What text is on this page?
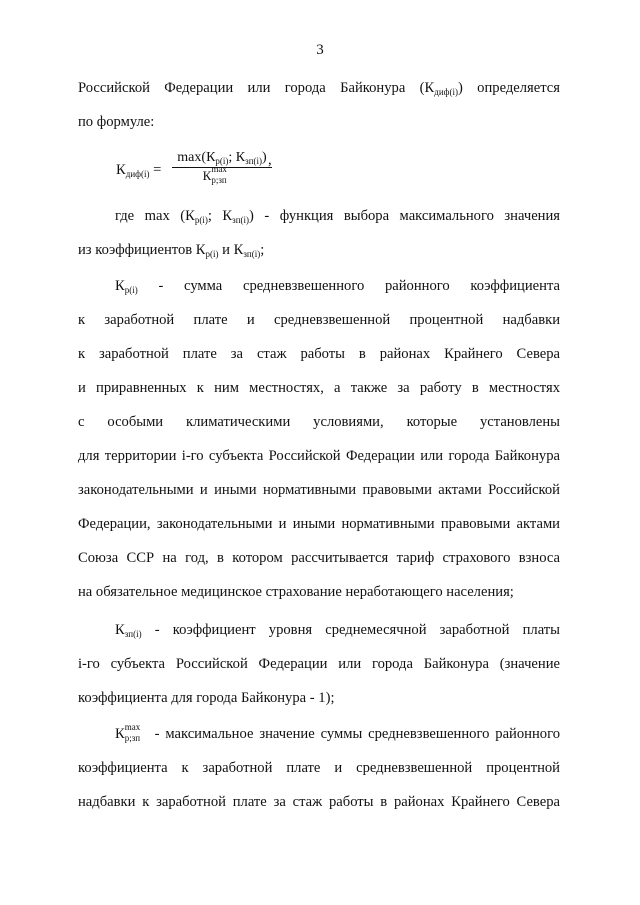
3
Российской Федерации или города Байконура $(К_{диф(i)})$ определяется
по формуле:
$К_{диф(i)}$ =
$\max(К_{р(i)}$; $К_{зп(i)}$)
К max
р;зп
,
где $\max (К_{р(i)}$; $К_{зп(i)}$) - функция выбора максимального значения
из коэффициентов $К_{р(i)}$ и $К_{зп(i)}$;
$К_{р(i)}$ - сумма средневзвешенного районного коэффициента
к заработной плате и средневзвешенной процентной надбавки
к заработной плате за стаж работы в районах Крайнего Севера
и приравненных к ним местностях, а также за работу в местностях
с особыми климатическими условиями, которые установлены
для территории i-го субъекта Российской Федерации или города Байконура
законодательными и иными нормативными правовыми актами Российской
Федерации, законодательными и иными нормативными правовыми актами
Союза ССР на год, в котором рассчитывается тариф страхового взноса
на обязательное медицинское страхование неработающего населения;
$К_{зп(i)}$ - коэффициент уровня среднемесячной заработной платы
i-го субъекта Российской Федерации или города Байконура (значение
коэффициента для города Байконура - 1);
К max
р;зп - максимальное значение суммы средневзвешенного районного
коэффициента к заработной плате и средневзвешенной процентной
надбавки к заработной плате за стаж работы в районах Крайнего Севера
